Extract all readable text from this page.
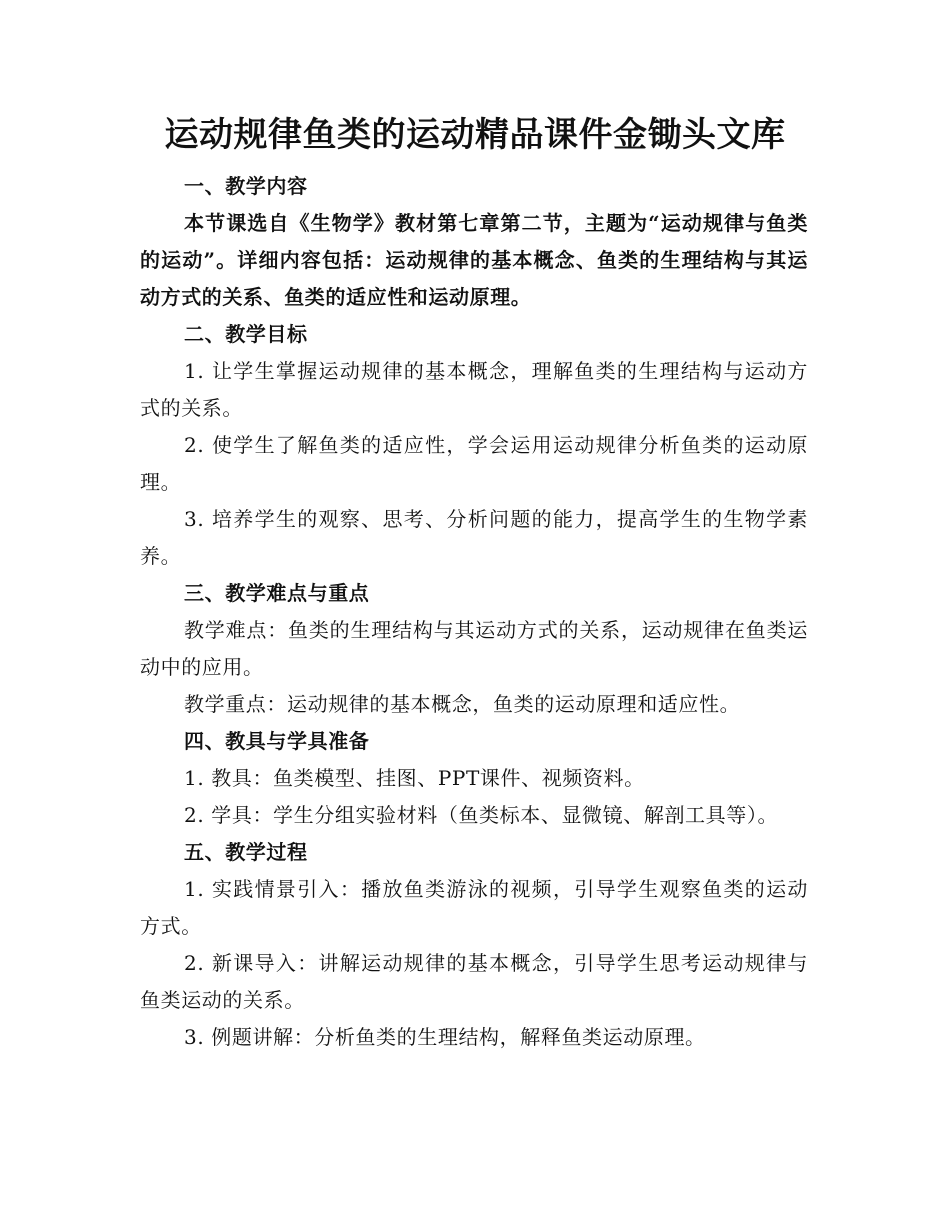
运动规律鱼类的运动精品课件金锄头文库

一、教学内容

本节课选自《生物学》教材第七章第二节，主题为“运动规律与鱼类的运动”。详细内容包括：运动规律的基本概念、鱼类的生理结构与其运动方式的关系、鱼类的适应性和运动原理。

二、教学目标

1. 让学生掌握运动规律的基本概念，理解鱼类的生理结构与运动方式的关系。

2. 使学生了解鱼类的适应性，学会运用运动规律分析鱼类的运动原理。

3. 培养学生的观察、思考、分析问题的能力，提高学生的生物学素养。

三、教学难点与重点

教学难点：鱼类的生理结构与其运动方式的关系，运动规律在鱼类运动中的应用。

教学重点：运动规律的基本概念，鱼类的运动原理和适应性。

四、教具与学具准备

1. 教具：鱼类模型、挂图、PPT课件、视频资料。

2. 学具：学生分组实验材料（鱼类标本、显微镜、解剖工具等）。

五、教学过程

1. 实践情景引入：播放鱼类游泳的视频，引导学生观察鱼类的运动方式。

2. 新课导入：讲解运动规律的基本概念，引导学生思考运动规律与鱼类运动的关系。

3. 例题讲解：分析鱼类的生理结构，解释鱼类运动原理。
